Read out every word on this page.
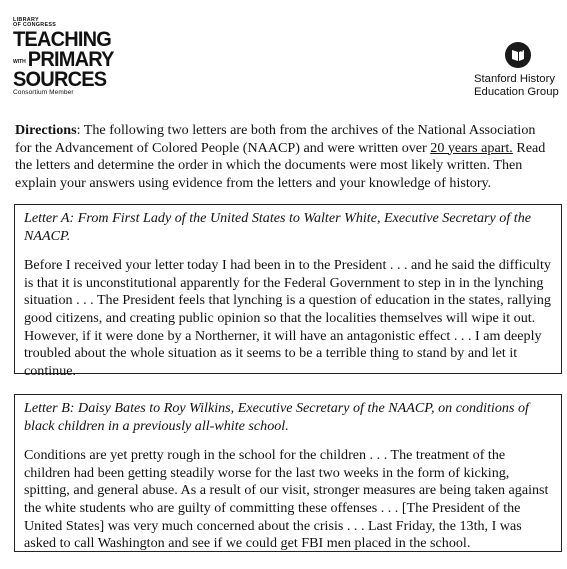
LIBRARY
OF CONGRESS
TEACHING
WITH PRIMARY
SOURCES
Consortium Member
Stanford History
Education Group

Directions: The following two letters are both from the archives of the National Association for the Advancement of Colored People (NAACP) and were written over 20 years apart. Read the letters and determine the order in which the documents were most likely written. Then explain your answers using evidence from the letters and your knowledge of history.

Letter A: From First Lady of the United States to Walter White, Executive Secretary of the NAACP.
Before I received your letter today I had been in to the President . . . and he said the difficulty is that it is unconstitutional apparently for the Federal Government to step in in the lynching situation . . . The President feels that lynching is a question of education in the states, rallying good citizens, and creating public opinion so that the localities themselves will wipe it out. However, if it were done by a Northerner, it will have an antagonistic effect . . . I am deeply troubled about the whole situation as it seems to be a terrible thing to stand by and let it continue.
Letter B: Daisy Bates to Roy Wilkins, Executive Secretary of the NAACP, on conditions of black children in a previously all-white school.
Conditions are yet pretty rough in the school for the children . . . The treatment of the children had been getting steadily worse for the last two weeks in the form of kicking, spitting, and general abuse. As a result of our visit, stronger measures are being taken against the white students who are guilty of committing these offenses . . . [The President of the United States] was very much concerned about the crisis . . . Last Friday, the 13th, I was asked to call Washington and see if we could get FBI men placed in the school.
